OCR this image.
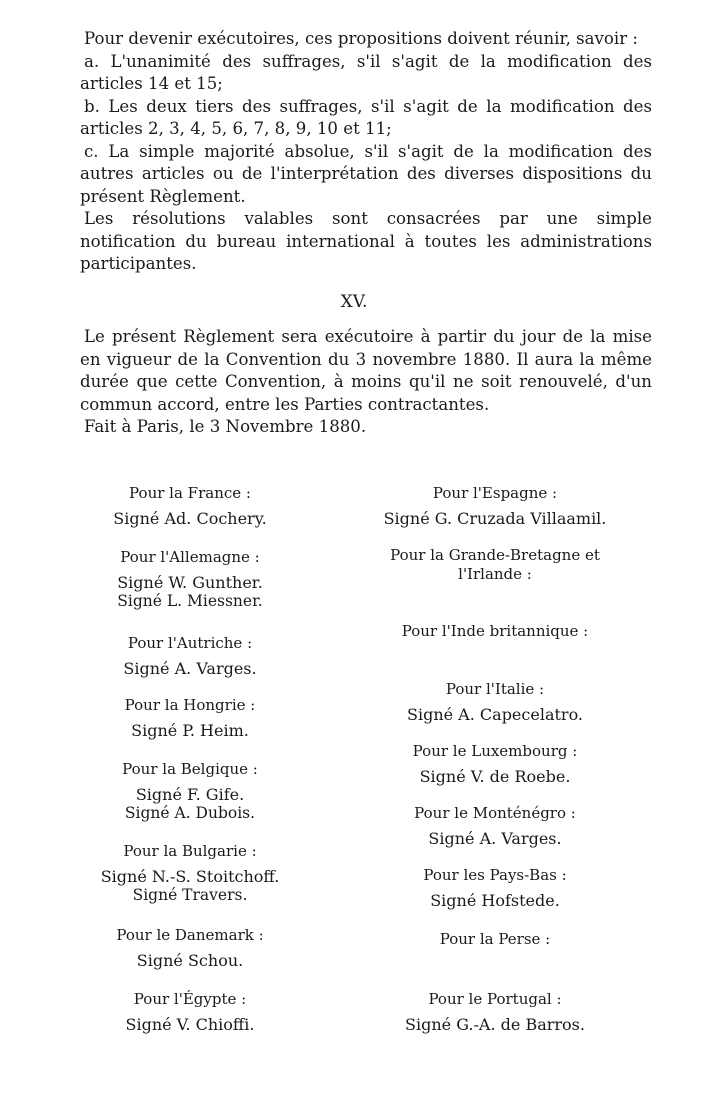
Pour devenir exécutoires, ces propositions doivent réunir, savoir :
a. L'unanimité des suffrages, s'il s'agit de la modification des articles 14 et 15;
b. Les deux tiers des suffrages, s'il s'agit de la modification des articles 2, 3, 4, 5, 6, 7, 8, 9, 10 et 11;
c. La simple majorité absolue, s'il s'agit de la modification des autres articles ou de l'interprétation des diverses dispositions du présent Règlement.
Les résolutions valables sont consacrées par une simple notification du bureau international à toutes les administrations participantes.
XV.
Le présent Règlement sera exécutoire à partir du jour de la mise en vigueur de la Convention du 3 novembre 1880. Il aura la même durée que cette Convention, à moins qu'il ne soit renouvelé, d'un commun accord, entre les Parties contractantes.
Fait à Paris, le 3 Novembre 1880.
Pour la France :
Signé Ad. Cochery.
Pour l'Allemagne :
Signé W. Gunther.
Signé L. Miessner.
Pour l'Autriche :
Signé A. Varges.
Pour la Hongrie :
Signé P. Heim.
Pour la Belgique :
Signé F. Gife.
Signé A. Dubois.
Pour la Bulgarie :
Signé N.-S. Stoitchoff.
Signé Travers.
Pour le Danemark :
Signé Schou.
Pour l'Égypte :
Signé V. Chioffi.
Pour l'Espagne :
Signé G. Cruzada Villaamil.
Pour la Grande-Bretagne et l'Irlande :
Pour l'Inde britannique :
Pour l'Italie :
Signé A. Capecelatro.
Pour le Luxembourg :
Signé V. de Roebe.
Pour le Monténégro :
Signé A. Varges.
Pour les Pays-Bas :
Signé Hofstede.
Pour la Perse :
Pour le Portugal :
Signé G.-A. de Barros.
